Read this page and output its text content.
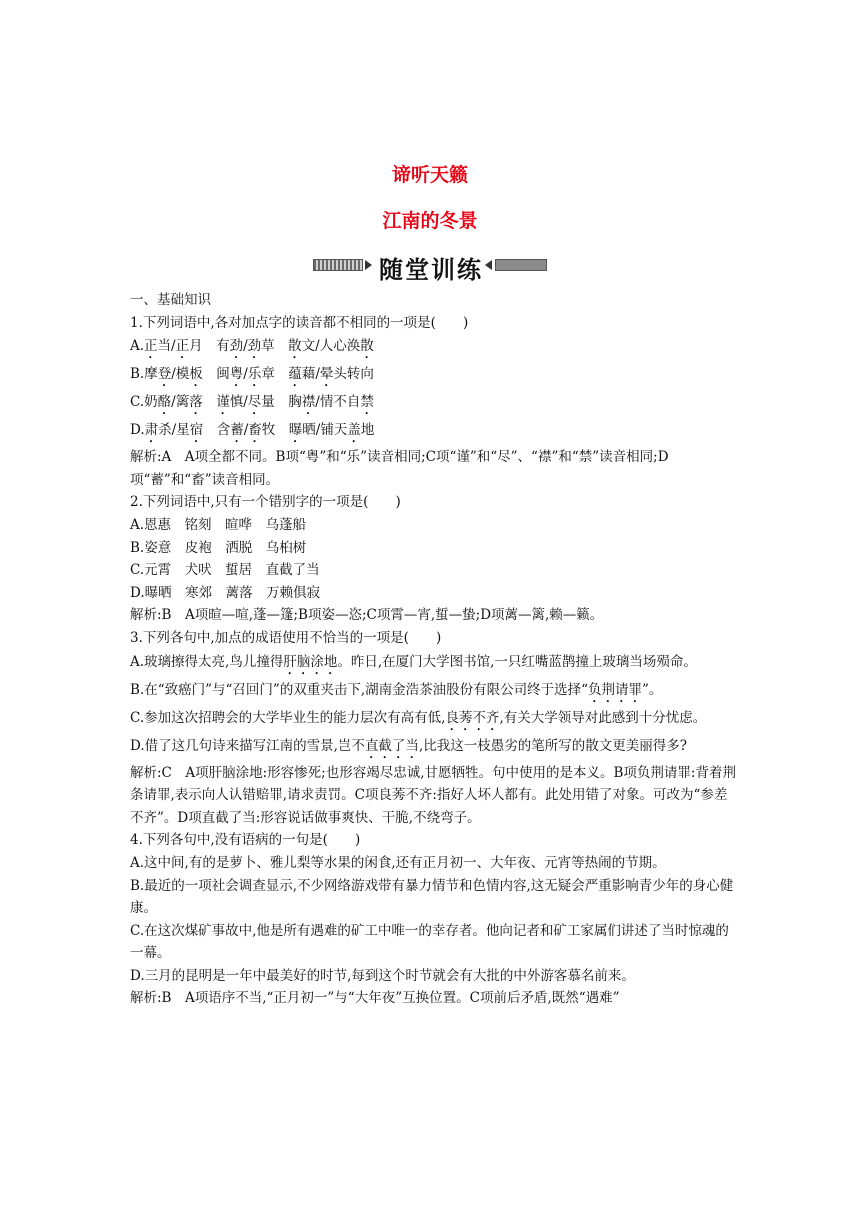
谛听天籁
江南的冬景
随堂训练

一、基础知识

1.下列词语中,各对加点字的读音都不相同的一项是(　　)

A.正当/正月　有劲/劲草　散文/人心涣散

B.摩登/模板　闽粤/乐章　蕴藉/晕头转向

C.奶酪/篱落　 谨慎/尽量　胸襟/情不自禁

D.肃杀/星宿　含蓄/畜牧　曝晒/铺天盖地

解析:A　A项全都不同。B项“粤”和“乐”读音相同;C项“谨”和“尽”、“襟”和“禁”读音相同;D项“蓄”和“畜”读音相同。

2.下列词语中,只有一个错别字的一项是(　　)

A.恩惠　铭刻　暄哗　乌蓬船

B.姿意　皮袍　洒脱　乌桕树

C.元霄　犬吠　蜇居　直截了当

D.曝晒　寒郊　蓠落　万赖俱寂

解析:B　A项暄—喧,蓬—篷;B项姿—恣;C项霄—宵,蜇—蛰;D项蓠—篱,赖—籁。

3.下列各句中,加点的成语使用不恰当的一项是(　　)

A.玻璃擦得太亮,鸟儿撞得肝脑涂地。昨日,在厦门大学图书馆,一只红嘴蓝鹊撞上玻璃当场殒命。

B.在“致癌门”与“召回门”的双重夹击下,湖南金浩茶油股份有限公司终于选择“负荆请罪”。

C.参加这次招聘会的大学毕业生的能力层次有高有低,良莠不齐,有关大学领导对此感到十分忧虑。

D.借了这几句诗来描写江南的雪景,岂不直截了当,比我这一枝愚劣的笔所写的散文更美丽得多?

解析:C　A项肝脑涂地:形容惨死;也形容竭尽忠诚,甘愿牺牲。句中使用的是本义。B项负荆请罪:背着荆条请罪,表示向人认错赔罪,请求责罚。C项良莠不齐:指好人坏人都有。此处用错了对象。可改为“参差不齐”。D项直截了当:形容说话做事爽快、干脆,不绕弯子。

4.下列各句中,没有语病的一句是(　　)

A.这中间,有的是萝卜、雅儿梨等水果的闲食,还有正月初一、大年夜、元宵等热闹的节期。

B.最近的一项社会调查显示,不少网络游戏带有暴力情节和色情内容,这无疑会严重影响青少年的身心健康。

C.在这次煤矿事故中,他是所有遇难的矿工中唯一的幸存者。他向记者和矿工家属们讲述了当时惊魂的一幕。

D.三月的昆明是一年中最美好的时节,每到这个时节就会有大批的中外游客慕名前来。

解析:B　A项语序不当,“正月初一”与“大年夜”互换位置。C项前后矛盾,既然“遇难”
